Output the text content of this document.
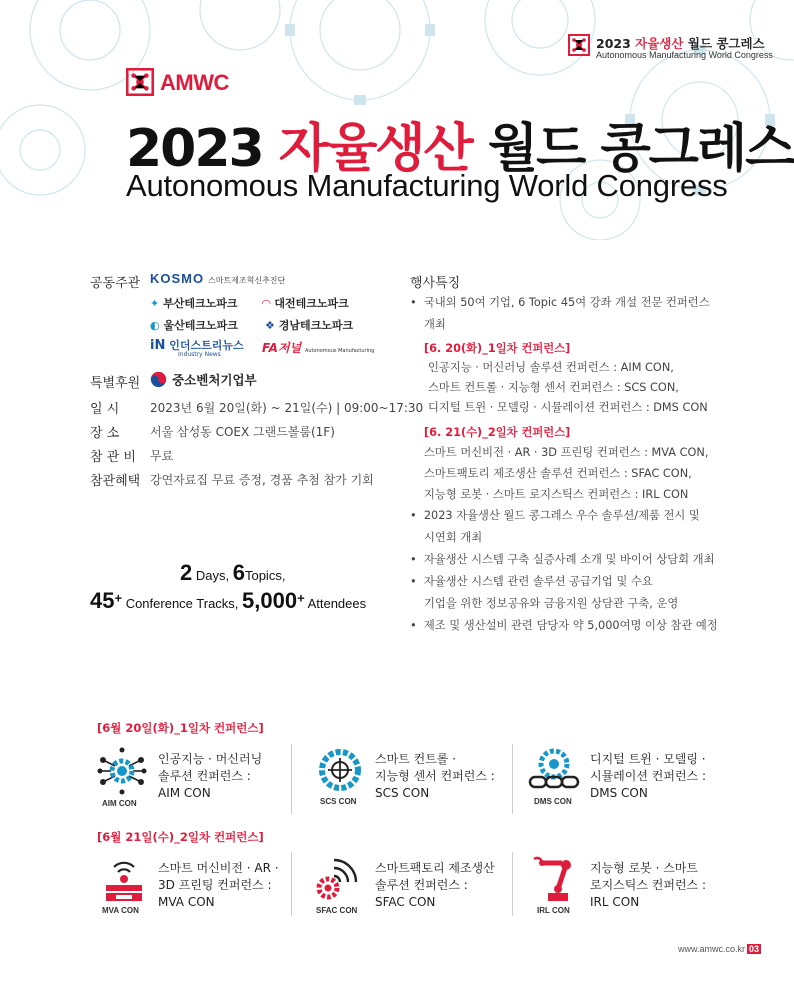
2023 자율생산 월드 콩그레스
Autonomous Manufacturing World Congress
AMWC
2023 자율생산 월드 콩그레스
Autonomous Manufacturing World Congress
공동주관 KOSMO 스마트제조혁신추진단
✦ 부산테크노파크 ◠ 대전테크노파크
◐ 울산테크노파크 ❖ 경남테크노파크
iN 인더스트리뉴스
Industry News	FA저널 Autonomous Manufacturing
특별후원	중소벤처기업부
일 시	2023년 6월 20일(화) ~ 21일(수) | 09:00~17:30
장 소	서울 삼성동 COEX 그랜드볼룸(1F)
참 관 비 무료
참관혜택 강연자료집 무료 증정, 경품 추첨 참가 기회
2 Days, 6Topics,
45+ Conference Tracks, 5,000+ Attendees
행사특징
•  국내외 50여 기업, 6 Topic 45여 강좌 개설 전문 컨퍼런스
개최
[6. 20(화)_1일차 컨퍼런스]
인공지능 · 머신러닝 솔루션 컨퍼런스 : AIM CON,
스마트 컨트롤 · 지능형 센서 컨퍼런스 : SCS CON,
디지털 트윈 · 모델링 · 시뮬레이션 컨퍼런스 : DMS CON
[6. 21(수)_2일차 컨퍼런스]
스마트 머신비전 · AR · 3D 프린팅 컨퍼런스 : MVA CON,
스마트팩토리 제조생산 솔루션 컨퍼런스 : SFAC CON,
지능형 로봇 · 스마트 로지스틱스 컨퍼런스 : IRL CON
•  2023 자율생산 월드 콩그레스 우수 솔루션/제품 전시 및
시연회 개최
•  자율생산 시스템 구축 실증사례 소개 및 바이어 상담회 개최
•  자율생산 시스템 관련 솔루션 공급기업 및 수요
기업을 위한 정보공유와 금융지원 상담관 구축, 운영
•  제조 및 생산설비 관련 담당자 약 5,000여명 이상 참관 예정
[6월 20일(화)_1일차 컨퍼런스]
[6월 21일(수)_2일차 컨퍼런스]
AIM CON
인공지능 · 머신러닝
솔루션 컨퍼런스 :
AIM CON
SCS CON
스마트 컨트롤 ·
지능형 센서 컨퍼런스 :
SCS CON
DMS CON
디지털 트윈 · 모델링 ·
시뮬레이션 컨퍼런스 :
DMS CON
MVA CON
스마트 머신비전 · AR ·
3D 프린팅 컨퍼런스 :
MVA CON
SFAC CON
스마트팩토리 제조생산
솔루션 컨퍼런스 :
SFAC CON
IRL CON
지능형 로봇 · 스마트
로지스틱스 컨퍼런스 :
IRL CON
www.amwc.co.kr 03
